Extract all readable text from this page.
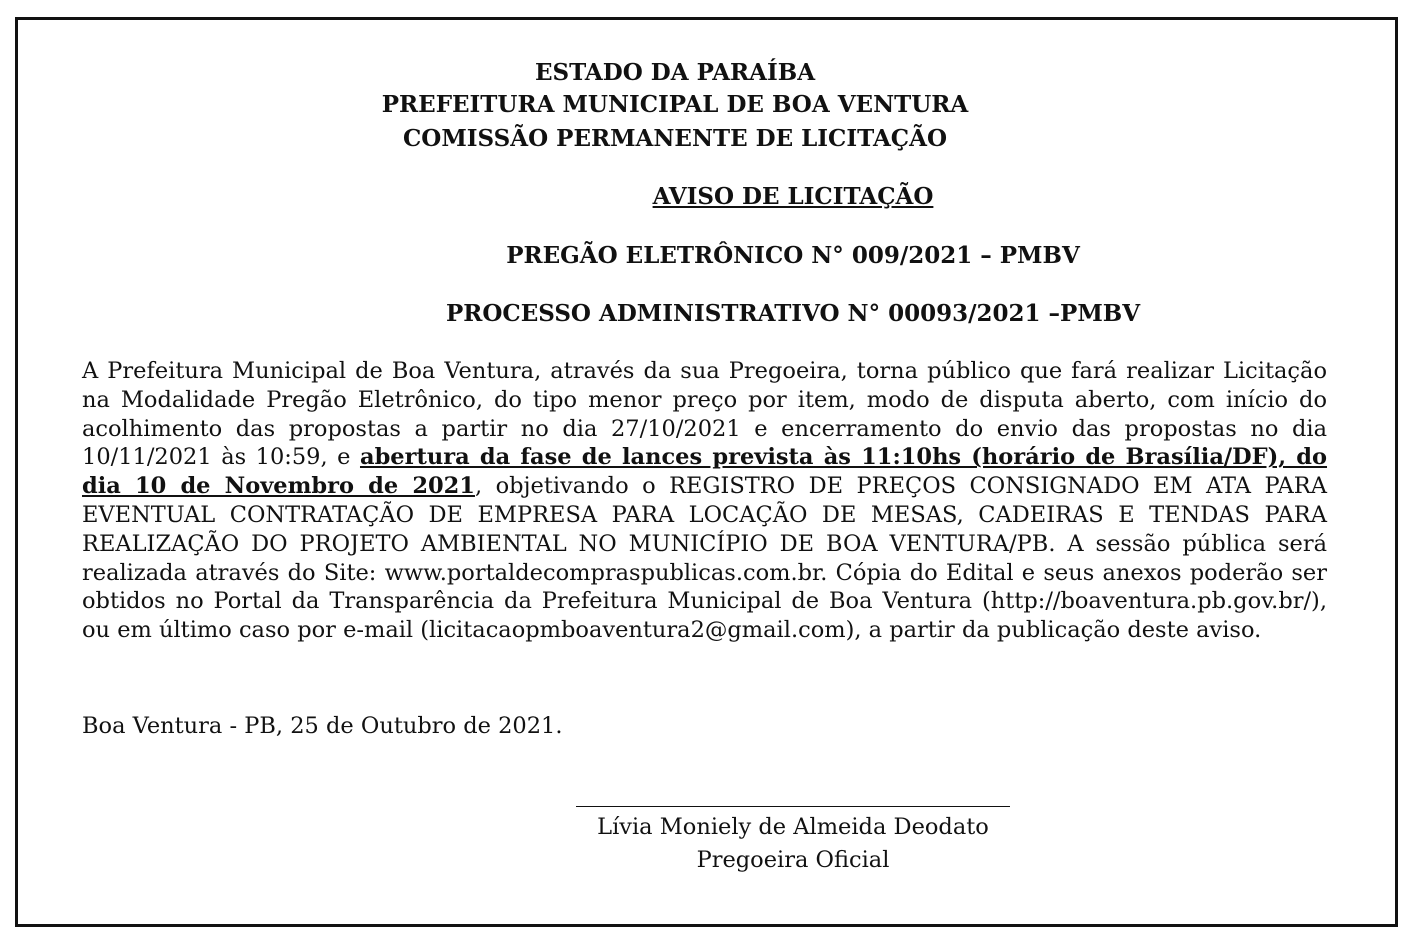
ESTADO DA PARAÍBA
PREFEITURA MUNICIPAL DE BOA VENTURA
COMISSÃO PERMANENTE DE LICITAÇÃO
AVISO DE LICITAÇÃO
PREGÃO ELETRÔNICO N° 009/2021 – PMBV
PROCESSO ADMINISTRATIVO N° 00093/2021 –PMBV
A Prefeitura Municipal de Boa Ventura, através da sua Pregoeira, torna público que fará realizar Licitação na Modalidade Pregão Eletrônico, do tipo menor preço por item, modo de disputa aberto, com início do acolhimento das propostas a partir no dia 27/10/2021 e encerramento do envio das propostas no dia 10/11/2021 às 10:59, e abertura da fase de lances prevista às 11:10hs (horário de Brasília/DF), do dia 10 de Novembro de 2021, objetivando o REGISTRO DE PREÇOS CONSIGNADO EM ATA PARA EVENTUAL CONTRATAÇÃO DE EMPRESA PARA LOCAÇÃO DE MESAS, CADEIRAS E TENDAS PARA REALIZAÇÃO DO PROJETO AMBIENTAL NO MUNICÍPIO DE BOA VENTURA/PB. A sessão pública será realizada através do Site: www.portaldecompraspublicas.com.br. Cópia do Edital e seus anexos poderão ser obtidos no Portal da Transparência da Prefeitura Municipal de Boa Ventura (http://boaventura.pb.gov.br/), ou em último caso por e-mail (licitacaopmboaventura2@gmail.com), a partir da publicação deste aviso.
Boa Ventura - PB, 25 de Outubro de 2021.
Lívia Moniely de Almeida Deodato
Pregoeira Oficial
